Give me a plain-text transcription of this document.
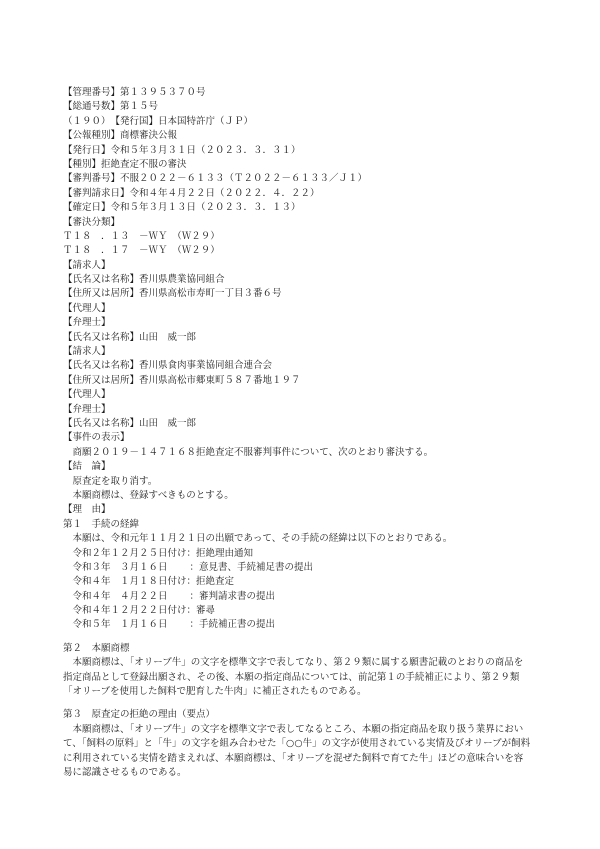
【管理番号】第１３９５３７０号
【総通号数】第１５号
（１９０）　【発行国】日本国特許庁（ＪＰ）
【公報種別】商標審決公報
【発行日】令和５年３月３１日（２０２３．３．３１）
【種別】拒絶査定不服の審決
【審判番号】不服２０２２－６１３３（Ｔ２０２２－６１３３／Ｊ１）
【審判請求日】令和４年４月２２日（２０２２．４．２２）
【確定日】令和５年３月１３日（２０２３．３．１３）
【審決分類】
Ｔ１８　．１３　－ＷＹ　（Ｗ２９）
Ｔ１８　．１７　－ＷＹ　（Ｗ２９）
【請求人】
【氏名又は名称】香川県農業協同組合
【住所又は居所】香川県高松市寿町一丁目３番６号
【代理人】
【弁理士】
【氏名又は名称】山田　威一郎
【請求人】
【氏名又は名称】香川県食肉事業協同組合連合会
【住所又は居所】香川県高松市郷東町５８７番地１９７
【代理人】
【弁理士】
【氏名又は名称】山田　威一郎
【事件の表示】
　商願２０１９－１４７１６８拒絶査定不服審判事件について、次のとおり審決する。
【結　論】
　原査定を取り消す。
　本願商標は、登録すべきものとする。
【理　由】
第１　手続の経緯
　本願は、令和元年１１月２１日の出願であって、その手続の経緯は以下のとおりである。
　令和２年１２月２５日付け：拒絶理由通知
　令和３年　３月１６日　　 ：意見書、手続補足書の提出
　令和４年　１月１８日付け：拒絶査定
　令和４年　４月２２日　　 ：審判請求書の提出
　令和４年１２月２２日付け：審尋
　令和５年　１月１６日　　 ：手続補正書の提出
第２　本願商標
　本願商標は、「オリーブ牛」の文字を標準文字で表してなり、第２９類に属する願書記載のとおりの商品を
指定商品として登録出願され、その後、本願の指定商品については、前記第１の手続補正により、第２９類
「オリーブを使用した飼料で肥育した牛肉」に補正されたものである。
第３　原査定の拒絶の理由（要点）
　本願商標は、「オリーブ牛」の文字を標準文字で表してなるところ、本願の指定商品を取り扱う業界におい
て、「飼料の原料」と「牛」の文字を組み合わせた「○○牛」の文字が使用されている実情及びオリーブが飼料
に利用されている実情を踏まえれば、本願商標は、「オリーブを混ぜた飼料で育てた牛」ほどの意味合いを容
易に認識させるものである。
